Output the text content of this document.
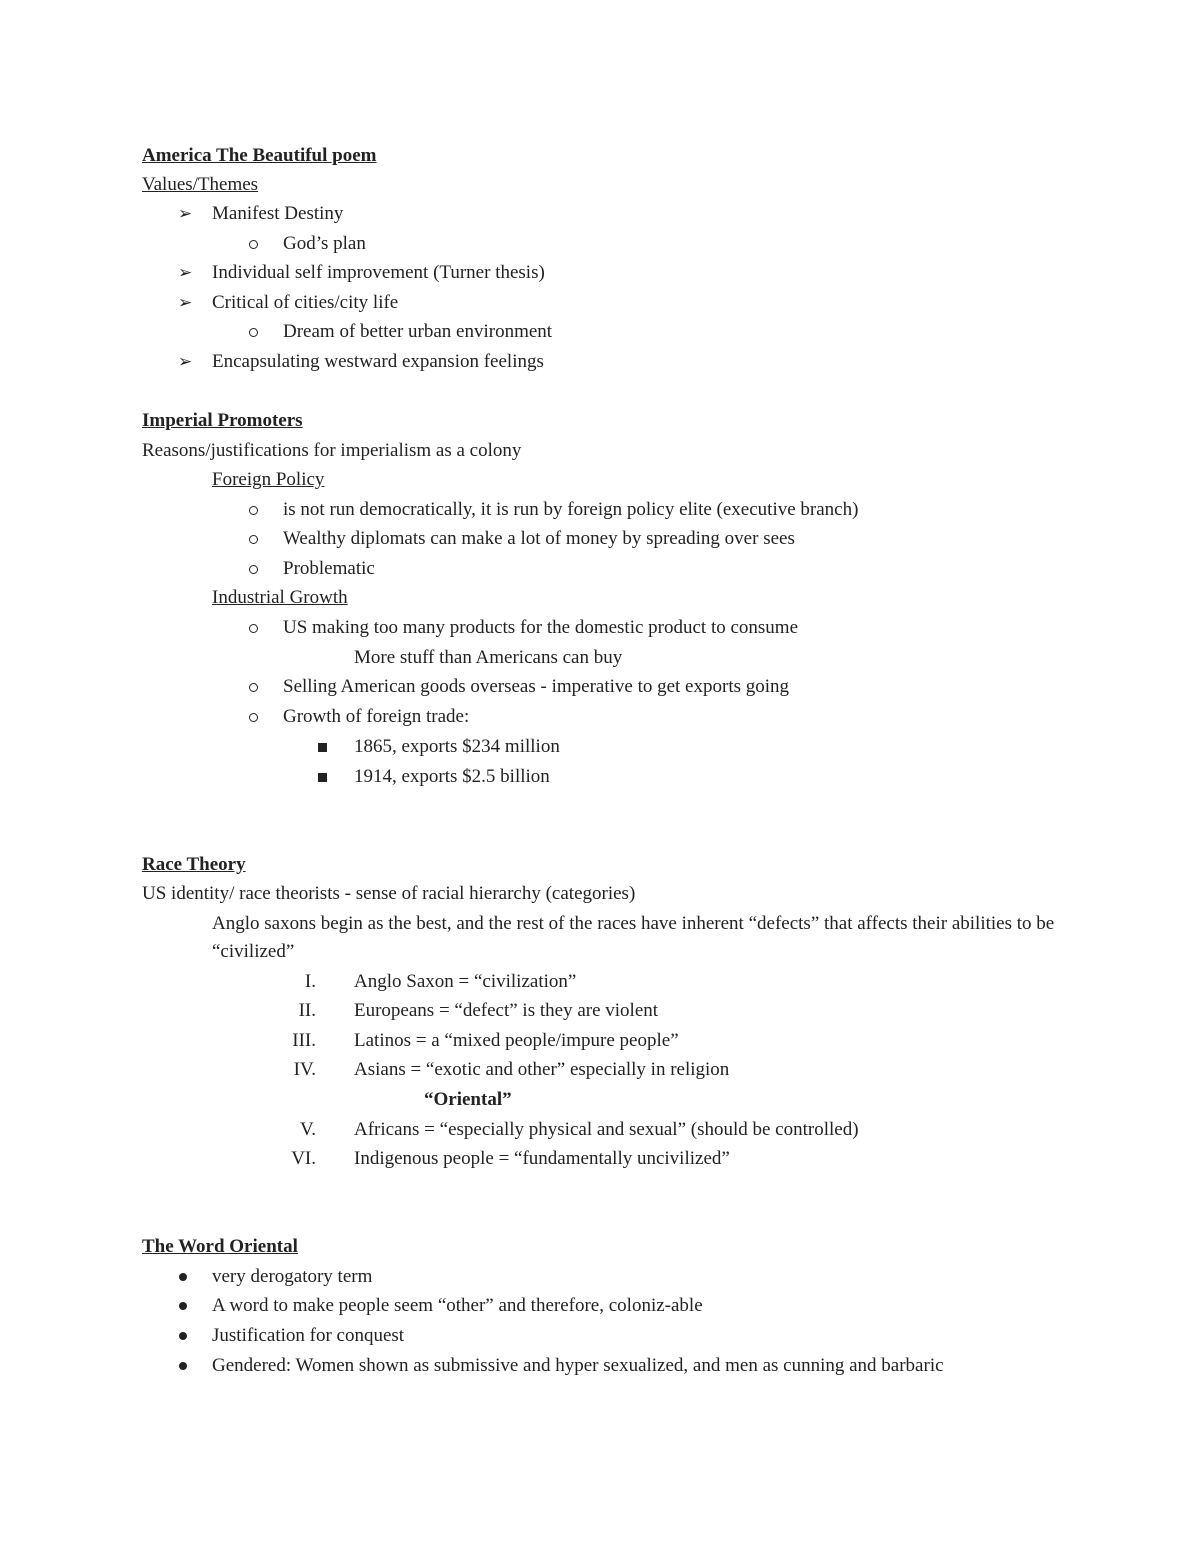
America The Beautiful poem
Values/Themes
➢ Manifest Destiny
God’s plan
➢ Individual self improvement (Turner thesis)
➢ Critical of cities/city life
Dream of better urban environment
➢ Encapsulating westward expansion feelings
Imperial Promoters
Reasons/justifications for imperialism as a colony
Foreign Policy
is not run democratically, it is run by foreign policy elite (executive branch)
Wealthy diplomats can make a lot of money by spreading over sees
Problematic
Industrial Growth
US making too many products for the domestic product to consume
More stuff than Americans can buy
Selling American goods overseas - imperative to get exports going
Growth of foreign trade:
1865, exports $234 million
1914, exports $2.5 billion
Race Theory
US identity/ race theorists - sense of racial hierarchy (categories)
Anglo saxons begin as the best, and the rest of the races have inherent “defects” that affects their abilities to be “civilized”
I. Anglo Saxon = “civilization”
II. Europeans = “defect” is they are violent
III. Latinos = a “mixed people/impure people”
IV. Asians = “exotic and other” especially in religion
“Oriental”
V. Africans = “especially physical and sexual” (should be controlled)
VI. Indigenous people = “fundamentally uncivilized”
The Word Oriental
very derogatory term
A word to make people seem “other” and therefore, coloniz-able
Justification for conquest
Gendered: Women shown as submissive and hyper sexualized, and men as cunning and barbaric
